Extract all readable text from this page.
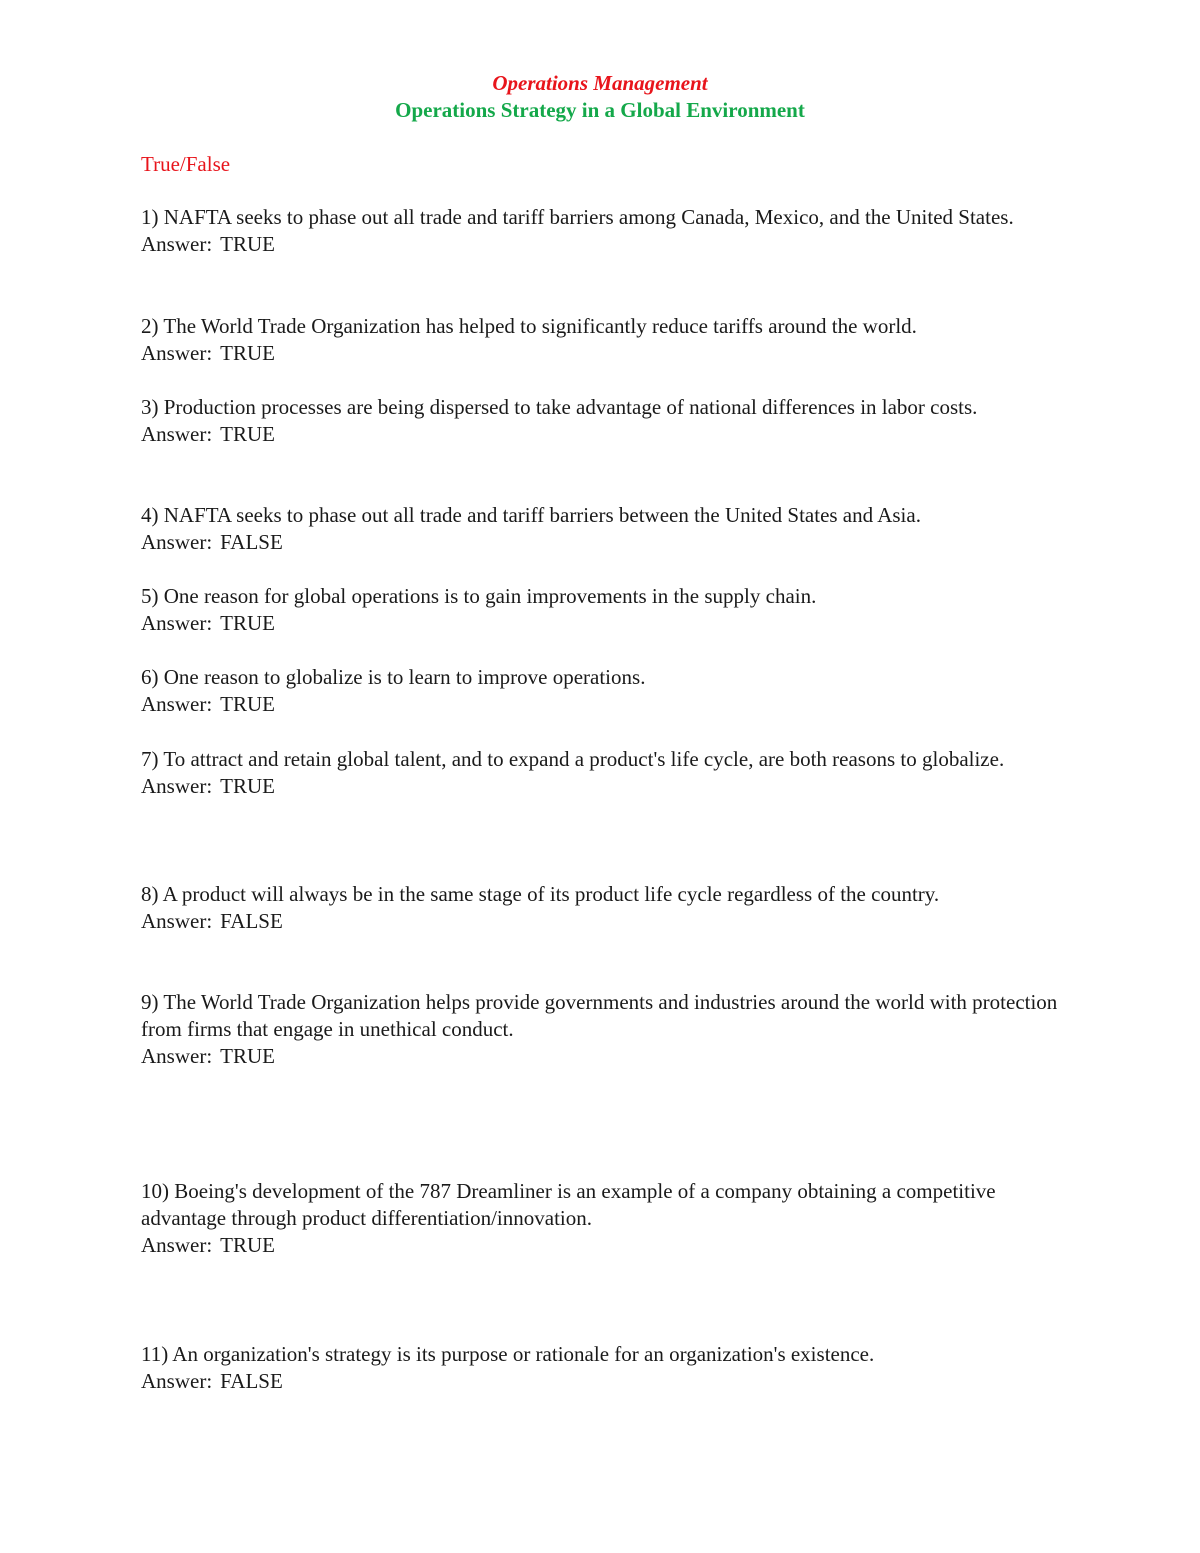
Operations Management
Operations Strategy in a Global Environment
True/False
1) NAFTA seeks to phase out all trade and tariff barriers among Canada, Mexico, and the United States.
Answer: TRUE
2) The World Trade Organization has helped to significantly reduce tariffs around the world.
Answer: TRUE
3) Production processes are being dispersed to take advantage of national differences in labor costs.
Answer: TRUE
4) NAFTA seeks to phase out all trade and tariff barriers between the United States and Asia.
Answer: FALSE
5) One reason for global operations is to gain improvements in the supply chain.
Answer: TRUE
6) One reason to globalize is to learn to improve operations.
Answer: TRUE
7) To attract and retain global talent, and to expand a product's life cycle, are both reasons to globalize.
Answer: TRUE
8) A product will always be in the same stage of its product life cycle regardless of the country.
Answer: FALSE
9) The World Trade Organization helps provide governments and industries around the world with protection from firms that engage in unethical conduct.
Answer: TRUE
10) Boeing's development of the 787 Dreamliner is an example of a company obtaining a competitive advantage through product differentiation/innovation.
Answer: TRUE
11) An organization's strategy is its purpose or rationale for an organization's existence.
Answer: FALSE
